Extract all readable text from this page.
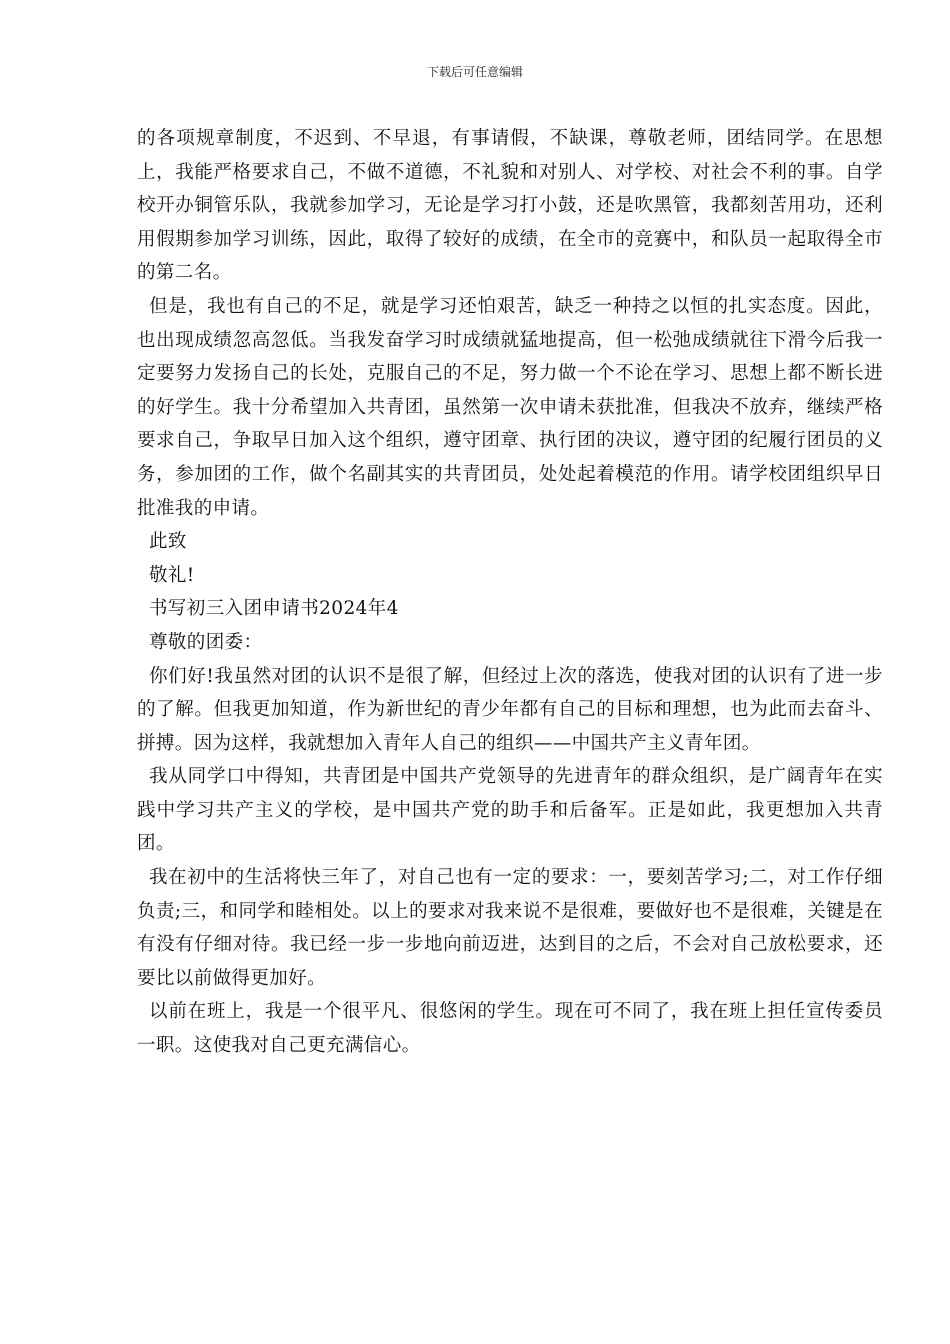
下载后可任意编辑

的各项规章制度，不迟到、不早退，有事请假，不缺课，尊敬老师，团结同学。在思想上，我能严格要求自己，不做不道德，不礼貌和对别人、对学校、对社会不利的事。自学校开办铜管乐队，我就参加学习，无论是学习打小鼓，还是吹黑管，我都刻苦用功，还利用假期参加学习训练，因此，取得了较好的成绩，在全市的竞赛中，和队员一起取得全市的第二名。

但是，我也有自己的不足，就是学习还怕艰苦，缺乏一种持之以恒的扎实态度。因此，也出现成绩忽高忽低。当我发奋学习时成绩就猛地提高，但一松弛成绩就往下滑今后我一定要努力发扬自己的长处，克服自己的不足，努力做一个不论在学习、思想上都不断长进的好学生。我十分希望加入共青团，虽然第一次申请未获批准，但我决不放弃，继续严格要求自己，争取早日加入这个组织，遵守团章、执行团的决议，遵守团的纪履行团员的义务，参加团的工作，做个名副其实的共青团员，处处起着模范的作用。请学校团组织早日批准我的申请。

此致

敬礼!

书写初三入团申请书2024年4

尊敬的团委：

你们好!我虽然对团的认识不是很了解，但经过上次的落选，使我对团的认识有了进一步的了解。但我更加知道，作为新世纪的青少年都有自己的目标和理想，也为此而去奋斗、拼搏。因为这样，我就想加入青年人自己的组织——中国共产主义青年团。

我从同学口中得知，共青团是中国共产党领导的先进青年的群众组织，是广阔青年在实践中学习共产主义的学校，是中国共产党的助手和后备军。正是如此，我更想加入共青团。

我在初中的生活将快三年了，对自己也有一定的要求：一，要刻苦学习;二，对工作仔细负责;三，和同学和睦相处。以上的要求对我来说不是很难，要做好也不是很难，关键是在有没有仔细对待。我已经一步一步地向前迈进，达到目的之后，不会对自己放松要求，还要比以前做得更加好。

以前在班上，我是一个很平凡、很悠闲的学生。现在可不同了，我在班上担任宣传委员一职。这使我对自己更充满信心。
